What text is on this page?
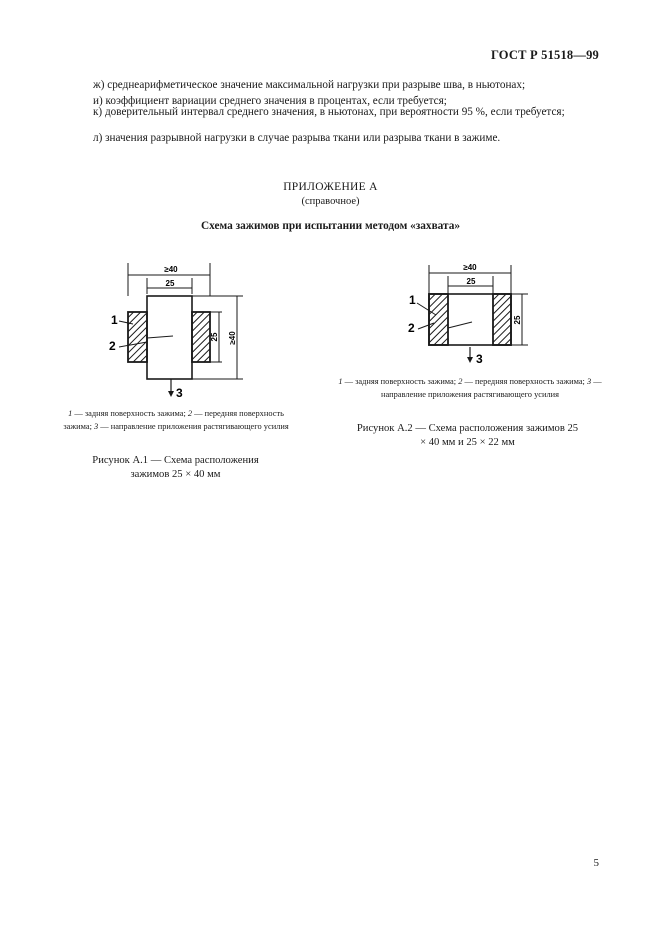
ГОСТ Р 51518—99
ж) среднеарифметическое значение максимальной нагрузки при разрыве шва, в ньютонах;
и) коэффициент вариации среднего значения в процентах, если требуется;
к) доверительный интервал среднего значения, в ньютонах, при вероятности 95 %, если требуется;
л) значения разрывной нагрузки в случае разрыва ткани или разрыва ткани в зажиме.
ПРИЛОЖЕНИЕ А
(справочное)
Схема зажимов при испытании методом «захвата»
≥40
25
1
2
≥40
25
3
1 — задняя поверхность зажима; 2 — передняя поверхность зажима; 3 — направление приложения растягивающего усилия
Рисунок А.1 — Схема расположения зажимов 25 × 40 мм
≥40
25
1
2
25
3
1 — задняя поверхность зажима; 2 — передняя поверхность зажима; 3 — направление приложения растягивающего усилия
Рисунок А.2 — Схема расположения зажимов 25 × 40 мм и 25 × 22 мм
5
